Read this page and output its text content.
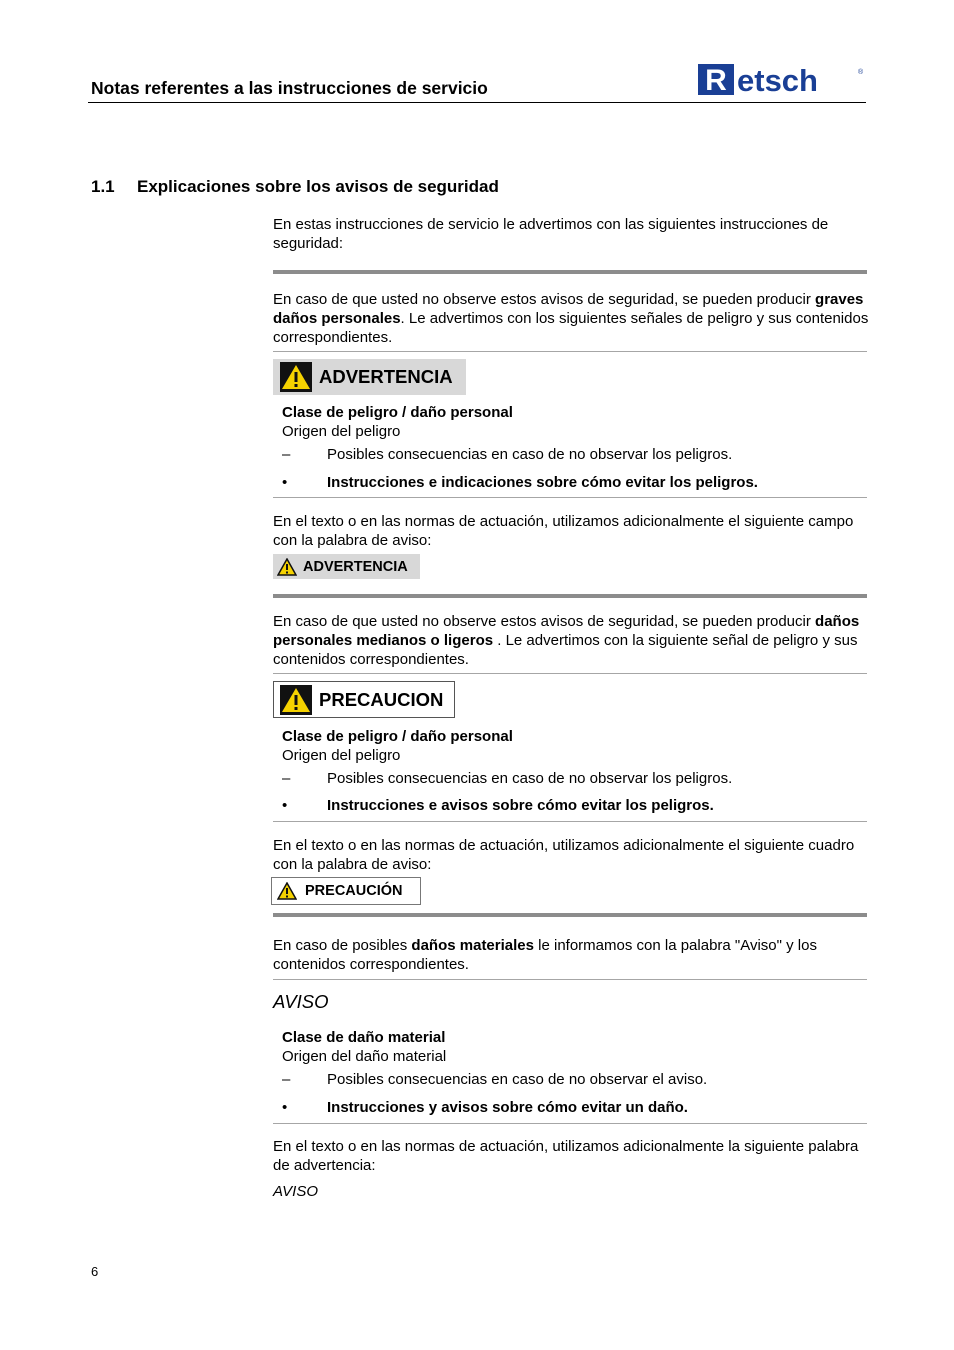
Notas referentes a las instrucciones de servicio	R etsch	®
1.1 Explicaciones sobre los avisos de seguridad
En estas instrucciones de servicio le advertimos con las siguientes instrucciones de seguridad:
En caso de que usted no observe estos avisos de seguridad, se pueden producir graves daños personales. Le advertimos con los siguientes señales de peligro y sus contenidos correspondientes.
ADVERTENCIA
Clase de peligro / daño personal
Origen del peligro
– Posibles consecuencias en caso de no observar los peligros.
•	Instrucciones e indicaciones sobre cómo evitar los peligros.
En el texto o en las normas de actuación, utilizamos adicionalmente el siguiente campo con la palabra de aviso:
ADVERTENCIA
En caso de que usted no observe estos avisos de seguridad, se pueden producir daños personales medianos o ligeros . Le advertimos con la siguiente señal de peligro y sus contenidos correspondientes.
PRECAUCION
Clase de peligro / daño personal
Origen del peligro
– Posibles consecuencias en caso de no observar los peligros.
•	Instrucciones e avisos sobre cómo evitar los peligros.
En el texto o en las normas de actuación, utilizamos adicionalmente el siguiente cuadro con la palabra de aviso:
PRECAUCIÓN
En caso de posibles daños materiales le informamos con la palabra "Aviso" y los contenidos correspondientes.
AVISO
Clase de daño material
Origen del daño material
– Posibles consecuencias en caso de no observar el aviso.
•	Instrucciones y avisos sobre cómo evitar un daño.
En el texto o en las normas de actuación, utilizamos adicionalmente la siguiente palabra de advertencia:
AVISO
6
